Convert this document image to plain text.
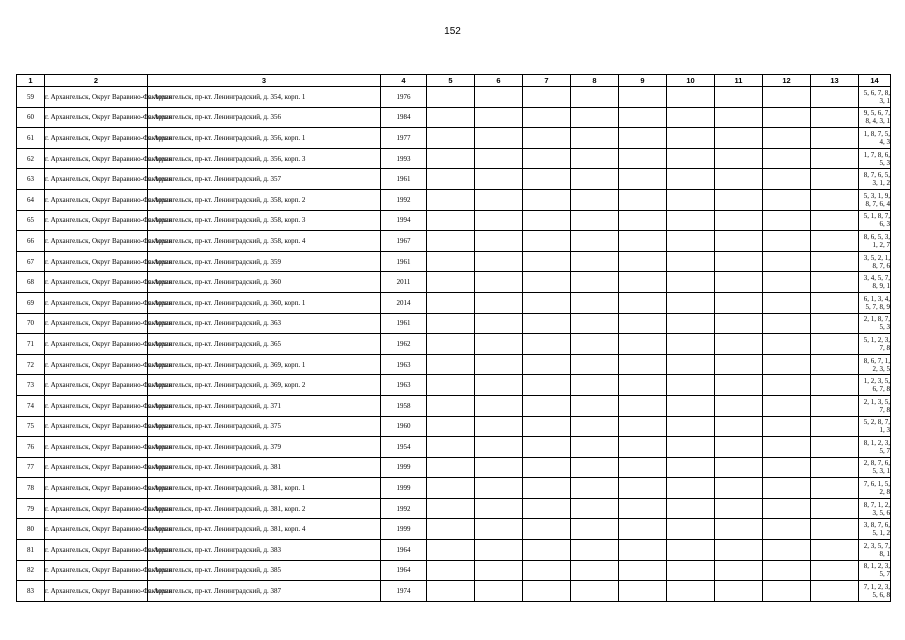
152
1	2	3	4	5	6	7	8	9	10	11	12	13	14
59	г. Архангельск, Округ Варавино-Фактория	г. Архангельск, пр-кт. Ленинградский, д. 354, корп. 1	1976										5, 6, 7, 8, 3, 1
60	г. Архангельск, Округ Варавино-Фактория	г. Архангельск, пр-кт. Ленинградский, д. 356	1984										9, 5, 6, 7, 8, 4, 3, 1
61	г. Архангельск, Округ Варавино-Фактория	г. Архангельск, пр-кт. Ленинградский, д. 356, корп. 1	1977										1, 8, 7, 5, 4, 3
62	г. Архангельск, Округ Варавино-Фактория	г. Архангельск, пр-кт. Ленинградский, д. 356, корп. 3	1993										1, 7, 8, 6, 5, 3
63	г. Архангельск, Округ Варавино-Фактория	г. Архангельск, пр-кт. Ленинградский, д. 357	1961										8, 7, 6, 5, 3, 1, 2
64	г. Архангельск, Округ Варавино-Фактория	г. Архангельск, пр-кт. Ленинградский, д. 358, корп. 2	1992										5, 3, 1, 9, 8, 7, 6, 4
65	г. Архангельск, Округ Варавино-Фактория	г. Архангельск, пр-кт. Ленинградский, д. 358, корп. 3	1994										5, 1, 8, 7, 6, 3
66	г. Архангельск, Округ Варавино-Фактория	г. Архангельск, пр-кт. Ленинградский, д. 358, корп. 4	1967										8, 6, 5, 3, 1, 2, 7
67	г. Архангельск, Округ Варавино-Фактория	г. Архангельск, пр-кт. Ленинградский, д. 359	1961										3, 5, 2, 1, 8, 7, 6
68	г. Архангельск, Округ Варавино-Фактория	г. Архангельск, пр-кт. Ленинградский, д. 360	2011										3, 4, 5, 7, 8, 9, 1
69	г. Архангельск, Округ Варавино-Фактория	г. Архангельск, пр-кт. Ленинградский, д. 360, корп. 1	2014										6, 1, 3, 4, 5, 7, 8, 9
70	г. Архангельск, Округ Варавино-Фактория	г. Архангельск, пр-кт. Ленинградский, д. 363	1961										2, 1, 8, 7, 5, 3
71	г. Архангельск, Округ Варавино-Фактория	г. Архангельск, пр-кт. Ленинградский, д. 365	1962										5, 1, 2, 3, 7, 8
72	г. Архангельск, Округ Варавино-Фактория	г. Архангельск, пр-кт. Ленинградский, д. 369, корп. 1	1963										8, 6, 7, 1, 2, 3, 5
73	г. Архангельск, Округ Варавино-Фактория	г. Архангельск, пр-кт. Ленинградский, д. 369, корп. 2	1963										1, 2, 3, 5, 6, 7, 8
74	г. Архангельск, Округ Варавино-Фактория	г. Архангельск, пр-кт. Ленинградский, д. 371	1958										2, 1, 3, 5, 7, 8
75	г. Архангельск, Округ Варавино-Фактория	г. Архангельск, пр-кт. Ленинградский, д. 375	1960										5, 2, 8, 7, 1, 3
76	г. Архангельск, Округ Варавино-Фактория	г. Архангельск, пр-кт. Ленинградский, д. 379	1954										8, 1, 2, 3, 5, 7
77	г. Архангельск, Округ Варавино-Фактория	г. Архангельск, пр-кт. Ленинградский, д. 381	1999										2, 8, 7, 6, 5, 3, 1
78	г. Архангельск, Округ Варавино-Фактория	г. Архангельск, пр-кт. Ленинградский, д. 381, корп. 1	1999										7, 6, 1, 5, 2, 8
79	г. Архангельск, Округ Варавино-Фактория	г. Архангельск, пр-кт. Ленинградский, д. 381, корп. 2	1992										8, 7, 1, 2, 3, 5, 6
80	г. Архангельск, Округ Варавино-Фактория	г. Архангельск, пр-кт. Ленинградский, д. 381, корп. 4	1999										3, 8, 7, 6, 5, 1, 2
81	г. Архангельск, Округ Варавино-Фактория	г. Архангельск, пр-кт. Ленинградский, д. 383	1964										2, 3, 5, 7, 8, 1
82	г. Архангельск, Округ Варавино-Фактория	г. Архангельск, пр-кт. Ленинградский, д. 385	1964										8, 1, 2, 3, 5, 7
83	г. Архангельск, Округ Варавино-Фактория	г. Архангельск, пр-кт. Ленинградский, д. 387	1974										7, 1, 2, 3, 5, 6, 8
